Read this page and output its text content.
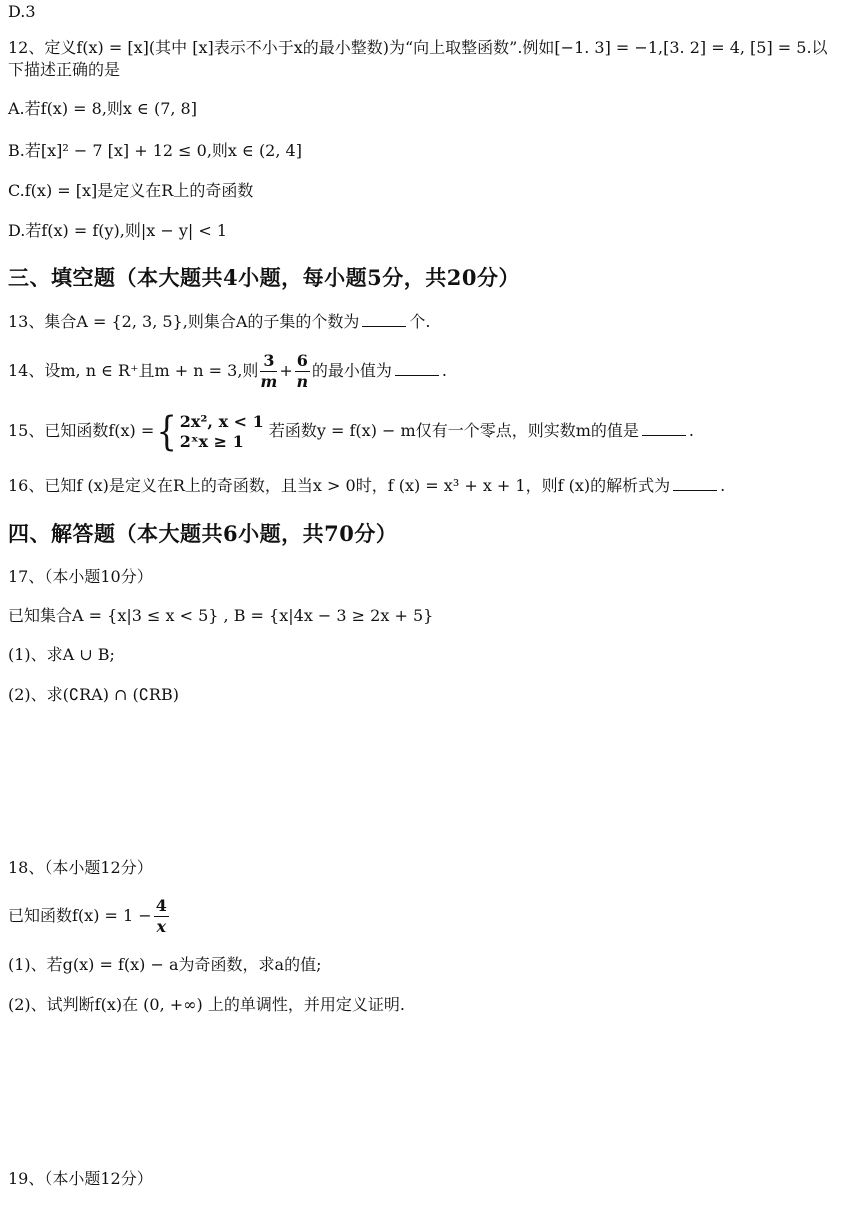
D.3
12、定义f(x) = [x](其中 [x]表示不小于x的最小整数)为“向上取整函数”.例如[−1. 3] = −1,[3. 2] = 4, [5] = 5.以
下描述正确的是
A.若f(x) = 8,则x ∈ (7, 8]
B.若[x]² − 7 [x] + 12 ≤ 0,则x ∈ (2, 4]
C.f(x) = [x]是定义在R上的奇函数
D.若f(x) = f(y),则|x − y| < 1
三、填空题（本大题共4小题，每小题5分，共20分）
13、集合A = {2, 3, 5},则集合A的子集的个数为	个.
14、设m, n ∈ R⁺且m + n = 3,则 $\frac{3}{m} + \frac{6}{n}$ 的最小值为	.
15、已知函数f(x) ={ 2x², x < 1
2ˣx ≥ 1
若函数y = f(x) − m仅有一个零点，则实数m的值是	.
16、已知f (x)是定义在R上的奇函数，且当x > 0时，f (x) = x³ + x + 1，则f (x)的解析式为	.
四、解答题（本大题共6小题，共70分）
17、（本小题10分）
已知集合A = {x|3 ≤ x < 5} , B = {x|4x − 3 ≥ 2x + 5}
(1)、求A ∪ B;
(2)、求(∁RA) ∩ (∁RB)
18、（本小题12分）
已知函数$f(x) = 1 - \frac{4}{x}$
(1)、若g(x) = f(x) − a为奇函数，求a的值;
(2)、试判断f(x)在 (0, +∞) 上的单调性，并用定义证明.
19、（本小题12分）
